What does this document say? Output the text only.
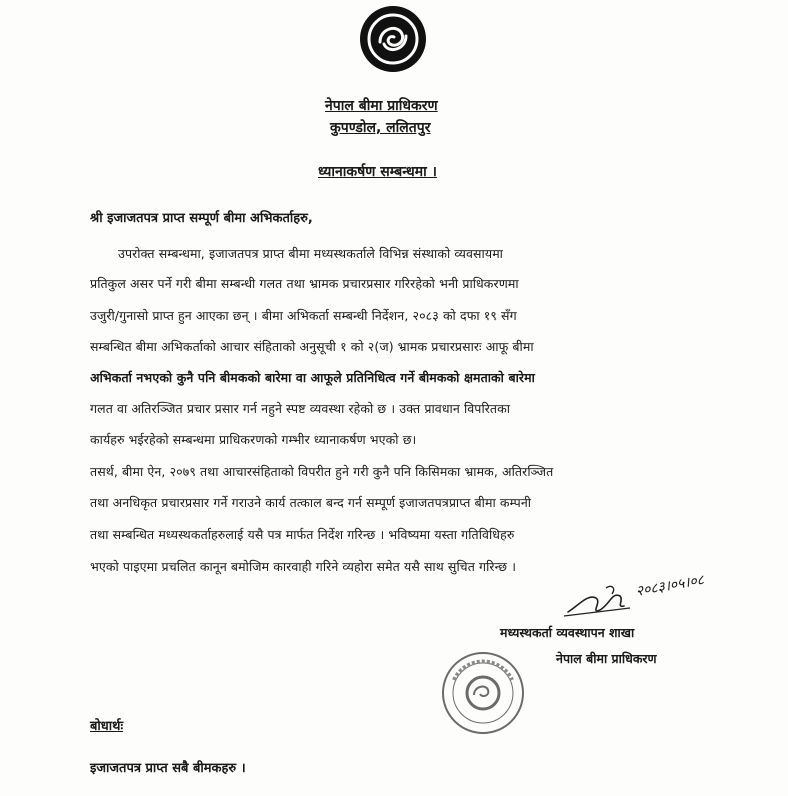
नेपाल बीमा प्राधिकरण
कुपण्डोल, ललितपुर
ध्यानाकर्षण सम्बन्धमा ।
श्री इजाजतपत्र प्राप्त सम्पूर्ण बीमा अभिकर्ताहरु,
उपरोक्त सम्बन्धमा, इजाजतपत्र प्राप्त बीमा मध्यस्थकर्ताले विभिन्न संस्थाको व्यवसायमा
प्रतिकुल असर पर्ने गरी बीमा सम्बन्धी गलत तथा भ्रामक प्रचारप्रसार गरिरहेको भनी प्राधिकरणमा
उजुरी/गुनासो प्राप्त हुन आएका छन् । बीमा अभिकर्ता सम्बन्धी निर्देशन, २०८३ को दफा १९ सँग
सम्बन्धित बीमा अभिकर्ताको आचार संहिताको अनुसूची १ को २(ज) भ्रामक प्रचारप्रसारः आफू बीमा
अभिकर्ता नभएको कुनै पनि बीमकको बारेमा वा आफूले प्रतिनिधित्व गर्ने बीमकको क्षमताको बारेमा
गलत वा अतिरञ्जित प्रचार प्रसार गर्न नहुने स्पष्ट व्यवस्था रहेको छ । उक्त प्रावधान विपरितका
कार्यहरु भईरहेको सम्बन्धमा प्राधिकरणको गम्भीर ध्यानाकर्षण भएको छ।
तसर्थ, बीमा ऐन, २०७९ तथा आचारसंहिताको विपरीत हुने गरी कुनै पनि किसिमका भ्रामक, अतिरञ्जित
तथा अनधिकृत प्रचारप्रसार गर्ने गराउने कार्य तत्काल बन्द गर्न सम्पूर्ण इजाजतपत्रप्राप्त बीमा कम्पनी
तथा सम्बन्धित मध्यस्थकर्ताहरुलाई यसै पत्र मार्फत निर्देश गरिन्छ । भविष्यमा यस्ता गतिविधिहरु
भएको पाइएमा प्रचलित कानून बमोजिम कारवाही गरिने व्यहोरा समेत यसै साथ सुचित गरिन्छ ।
२०८३।०५।०८
मध्यस्थकर्ता व्यवस्थापन शाखा
नेपाल बीमा प्राधिकरण
बोधार्थः
इजाजतपत्र प्राप्त सबै बीमकहरु ।
